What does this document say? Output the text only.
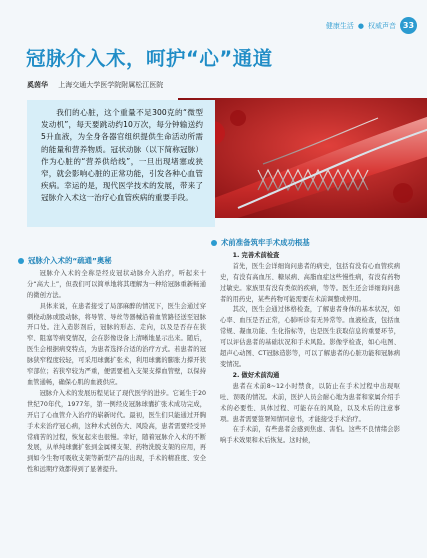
健康生活 ● 权威声音 33
冠脉介入术，呵护“心”通道
奚茵华 上海交通大学医学院附属松江医院

我们的心脏，这个重量不足300克的“微型发动机”，每天要跳动约10万次，每分钟输送约5升血液，为全身各器官组织提供生命活动所需的能量和营养物质。冠状动脉（以下简称冠脉）作为心脏的“营养供给线”，一旦出现堵塞或狭窄，就会影响心脏的正常功能，引发各种心血管疾病。幸运的是，现代医学技术的发展，带来了冠脉介入术这一治疗心血管疾病的重要手段。

冠脉介入术的“疏通”奥秘

冠脉介入术的全称是经皮冠状动脉介入治疗，听起来十分“高大上”，但我们可以简单地将其理解为一种给冠脉重新畅通的微创方法。

具体来说，在患者接受了局部麻醉的情况下，医生会通过穿刺桡动脉或股动脉，将导管、导丝等器械沿着血管路径送至冠脉开口处。注入造影剂后，冠脉的形态、走向，以及是否存在狭窄、阻塞等病变情况，会在影像设备上清晰地显示出来。随后，医生会根据病变特点，为患者选择合适的治疗方式。若患者的冠脉狭窄程度较轻，可采用球囊扩张术，利用球囊的膨胀力撑开狭窄部位；若狭窄较为严重，便需要植入支架支撑血管壁，以保持血管通畅，确保心肌的血液供应。

冠脉介入术的发展历程见证了现代医学的进步。它诞生于20世纪70年代，1977年，第一例经皮冠脉球囊扩张术成功完成，开启了心血管介入治疗的崭新时代。最初，医生们只能通过开胸手术来治疗冠心病，这种术式创伤大、风险高，患者需要经受异常痛苦的过程，恢复起来也很慢。幸好，随着冠脉介入术的不断发展，从单纯球囊扩张到金属裸支架、药物洗脱支架的应用，再到如今生物可吸收支架等新型产品的出现，手术的精准度、安全性和远期疗效都得到了显著提升。

术前准备筑牢手术成功根基

1. 完善术前检查

首先，医生会详细询问患者的病史，包括有没有心血管疾病史，有没有高血压、糖尿病、高脂血症这些慢性病，有没有药物过敏史。家族里有没有类似的疾病，等等。医生还会详细询问患者的用药史，某些药物可能需要在术前调整或停用。

其次，医生会通过体格检查，了解患者身体的基本状况，如心率、血压是否正常，心肺听诊有无异常等。血液检查，包括血常规、凝血功能、生化指标等，也是医生获取信息的重要环节，可以评估患者的基础状况和手术风险。影像学检查，如心电图、超声心动图、CT冠脉造影等，可以了解患者的心脏功能和冠脉病变情况。

2. 做好术前沟通

患者在术前8~12小时禁食，以防止在手术过程中出现呕吐、误吸的情况。术前，医护人员会耐心地为患者和家属介绍手术的必要性、具体过程、可能存在的风险，以及术后的注意事项。患者需要签署知情同意书，才能接受手术治疗。

在手术前，有些患者会感到焦虑、害怕。这些不良情绪会影响手术效果和术后恢复。这时候，
